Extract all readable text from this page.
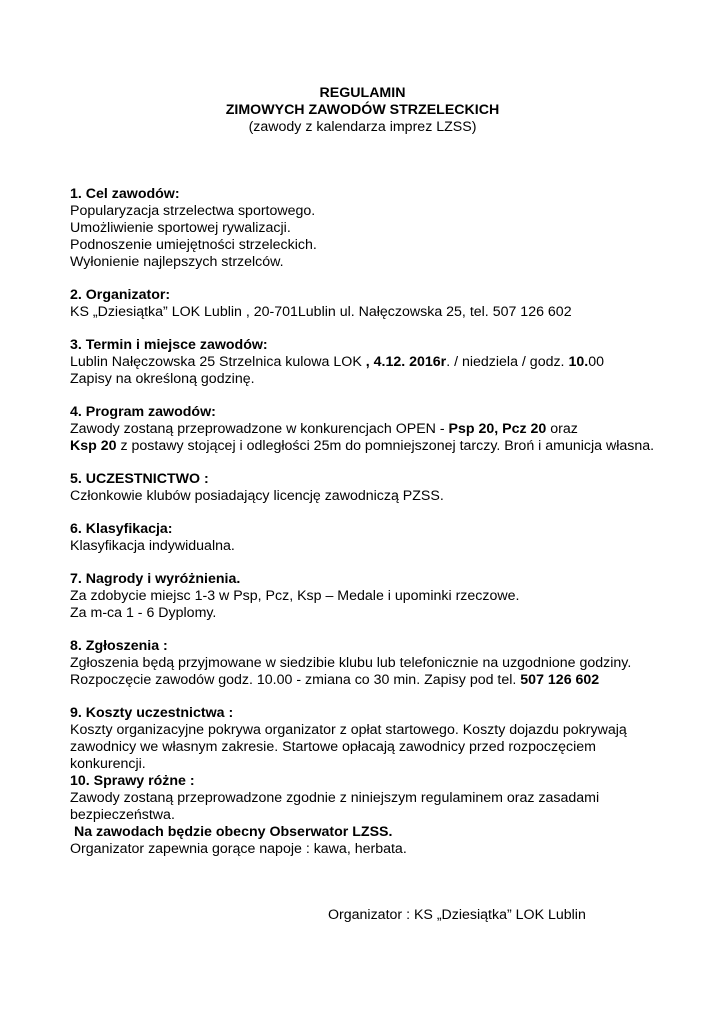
REGULAMIN
ZIMOWYCH ZAWODÓW STRZELECKICH
(zawody z kalendarza imprez LZSS)
1. Cel zawodów:
Popularyzacja strzelectwa sportowego.
Umożliwienie sportowej rywalizacji.
Podnoszenie umiejętności strzeleckich.
Wyłonienie najlepszych strzelców.
2. Organizator:
KS „Dziesiątka” LOK Lublin , 20-701Lublin ul. Nałęczowska 25, tel. 507 126 602
3. Termin i miejsce zawodów:
Lublin Nałęczowska 25 Strzelnica kulowa LOK , 4.12. 2016r. / niedziela / godz. 10.00
Zapisy na określoną godzinę.
4. Program zawodów:
Zawody zostaną przeprowadzone w konkurencjach OPEN - Psp 20, Pcz 20 oraz
Ksp 20 z postawy stojącej i odległości 25m do pomniejszonej tarczy. Broń i amunicja własna.
5. UCZESTNICTWO :
Członkowie klubów posiadający licencję zawodniczą PZSS.
6. Klasyfikacja:
Klasyfikacja indywidualna.
7. Nagrody i wyróżnienia.
Za zdobycie miejsc 1-3 w Psp, Pcz, Ksp – Medale i upominki rzeczowe.
Za m-ca 1 - 6 Dyplomy.
8. Zgłoszenia :
Zgłoszenia będą przyjmowane w siedzibie klubu lub telefonicznie na uzgodnione godziny.
Rozpoczęcie zawodów godz. 10.00 - zmiana co 30 min. Zapisy pod tel. 507 126 602
9. Koszty uczestnictwa :

Koszty organizacyjne pokrywa organizator z opłat startowego. Koszty dojazdu pokrywają zawodnicy we własnym zakresie. Startowe opłacają zawodnicy przed rozpoczęciem konkurencji.

10. Sprawy różne :

Zawody zostaną przeprowadzone zgodnie z niniejszym regulaminem oraz zasadami bezpieczeństwa.

Na zawodach będzie obecny Obserwator LZSS.
Organizator zapewnia gorące napoje : kawa, herbata.
Organizator : KS „Dziesiątka” LOK Lublin
